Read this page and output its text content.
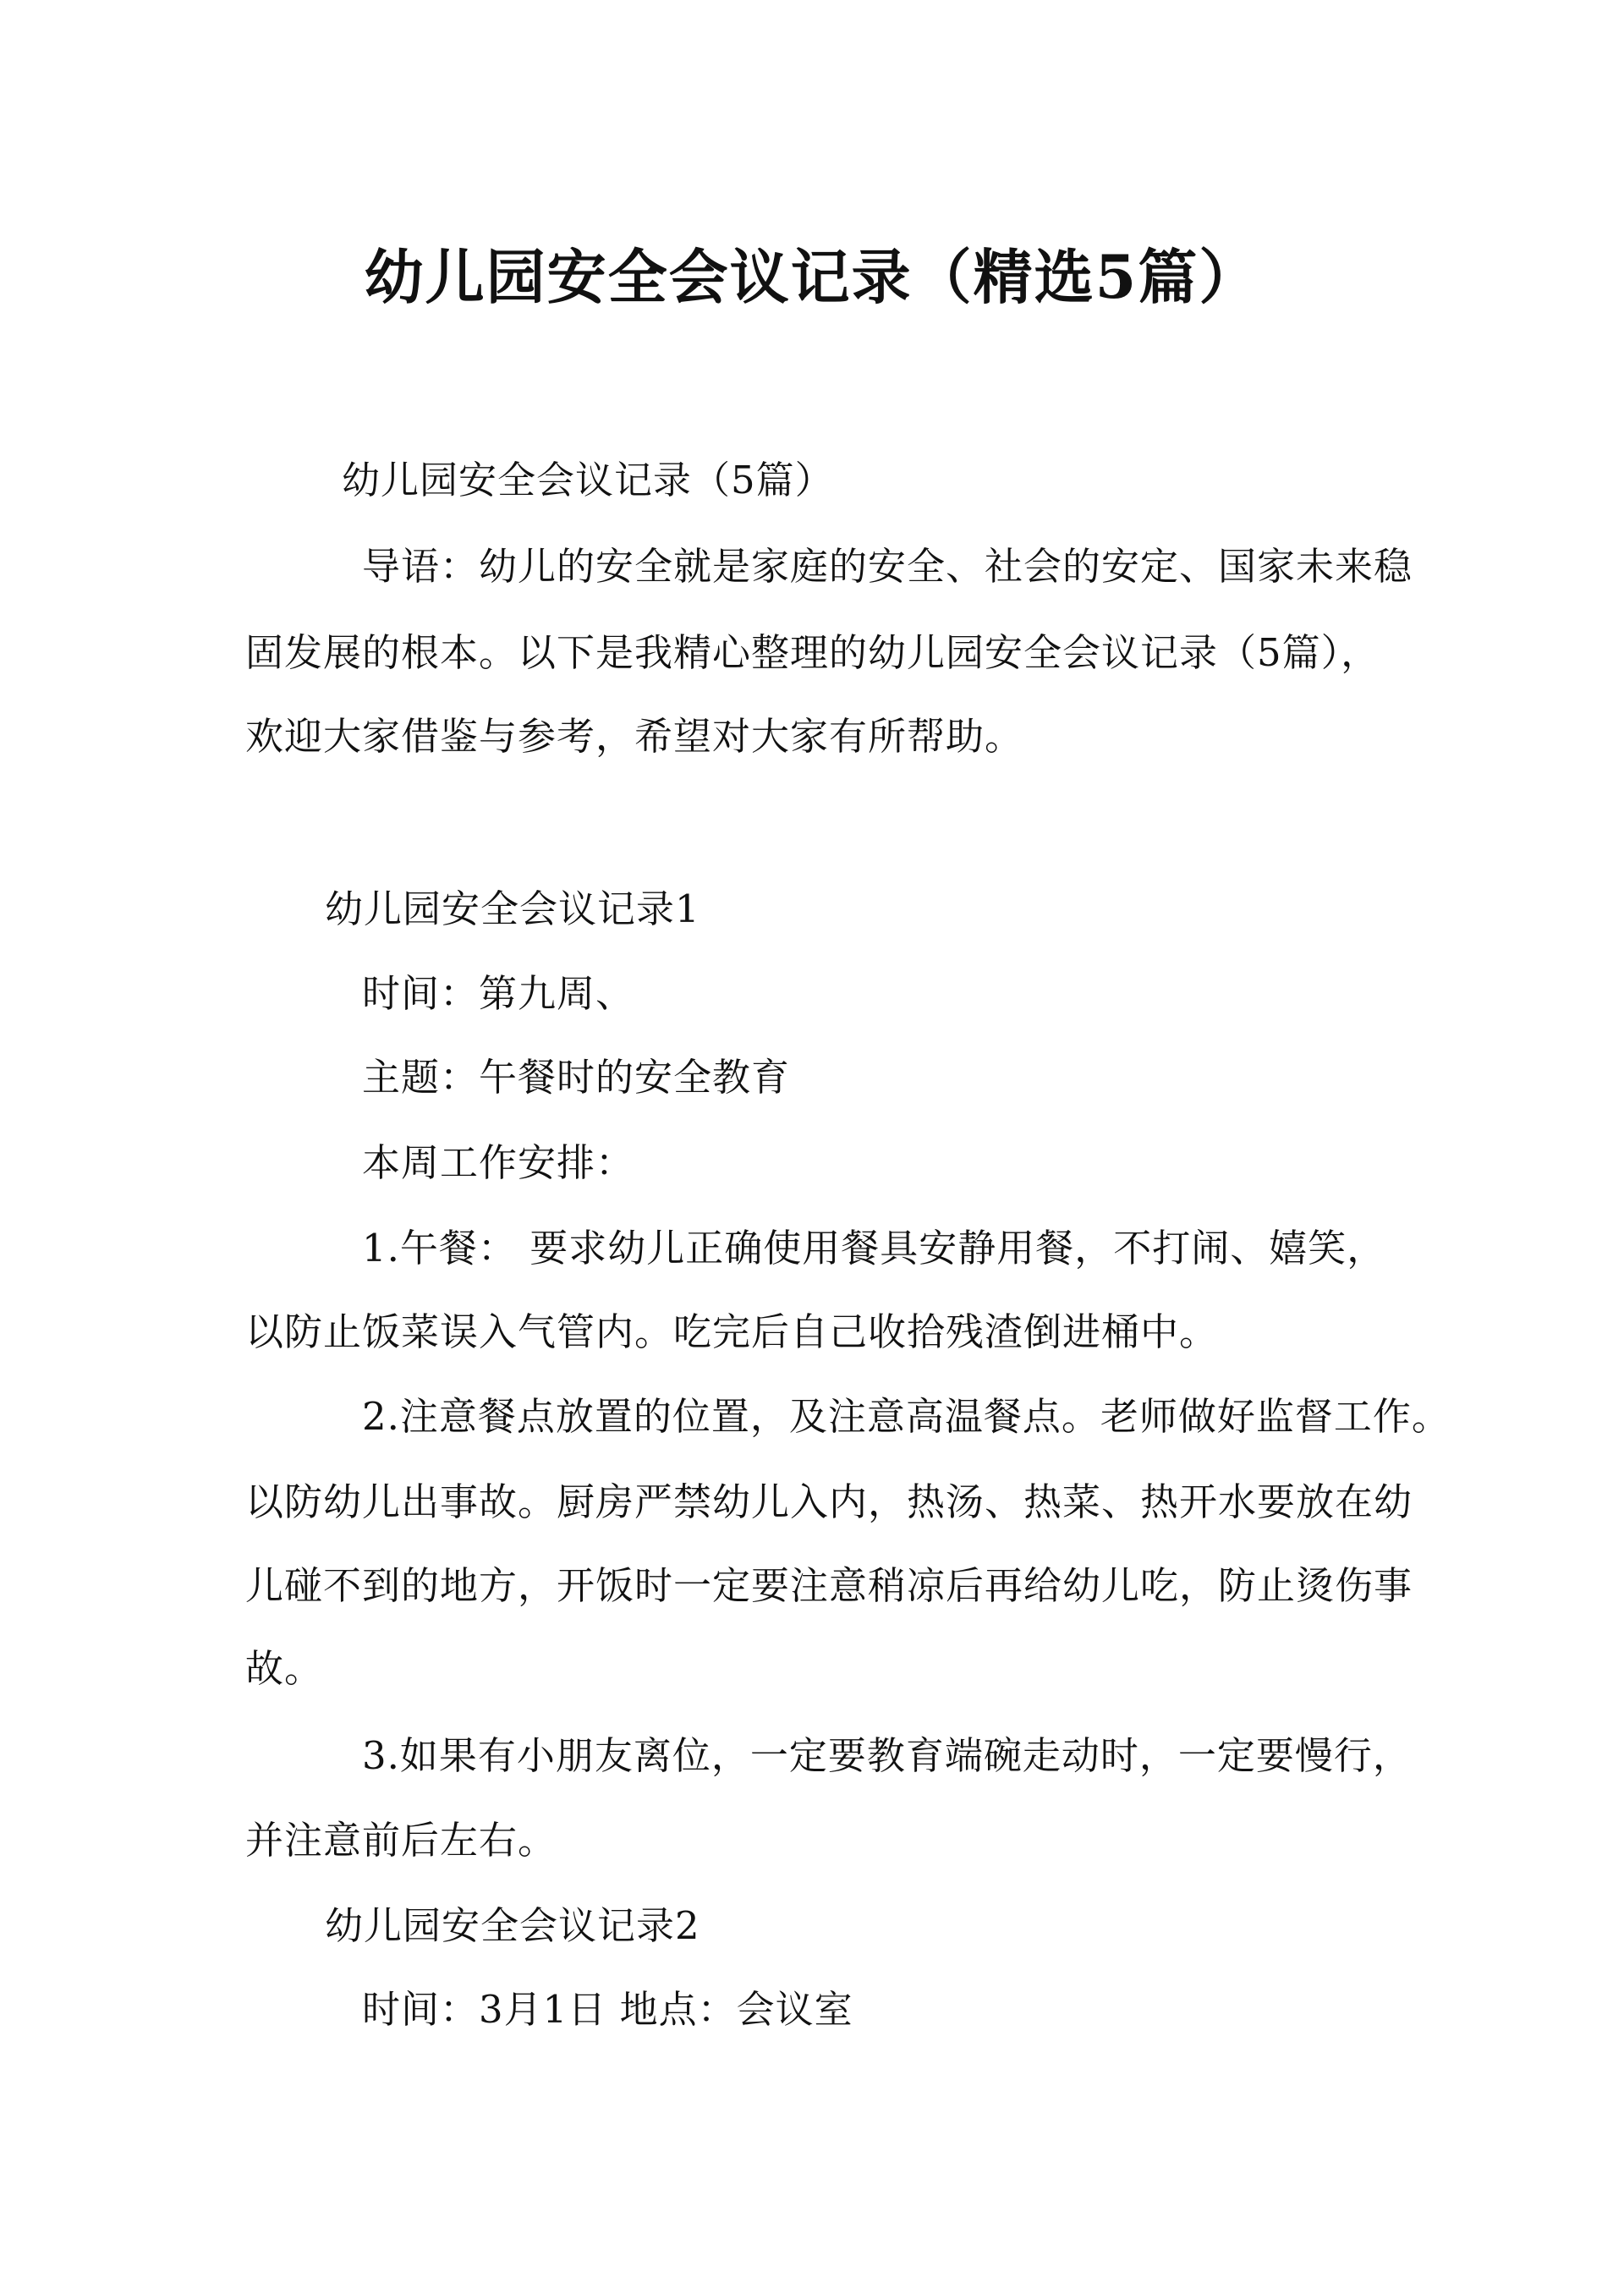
幼儿园安全会议记录（精选5篇）
幼儿园安全会议记录（5篇）
导语：幼儿的安全就是家庭的安全、社会的安定、国家未来稳
固发展的根本。以下是我精心整理的幼儿园安全会议记录（5篇），
欢迎大家借鉴与参考，希望对大家有所帮助。
幼儿园安全会议记录1
时间：第九周、
主题：午餐时的安全教育
本周工作安排：
1.午餐： 要求幼儿正确使用餐具安静用餐，不打闹、嬉笑，
以防止饭菜误入气管内。吃完后自己收拾残渣倒进桶中。
2.注意餐点放置的位置，及注意高温餐点。老师做好监督工作。
以防幼儿出事故。厨房严禁幼儿入内，热汤、热菜、热开水要放在幼
儿碰不到的地方，开饭时一定要注意稍凉后再给幼儿吃，防止烫伤事
故。
3.如果有小朋友离位，一定要教育端碗走动时，一定要慢行，
并注意前后左右。
幼儿园安全会议记录2
时间：3月1日 地点：会议室
